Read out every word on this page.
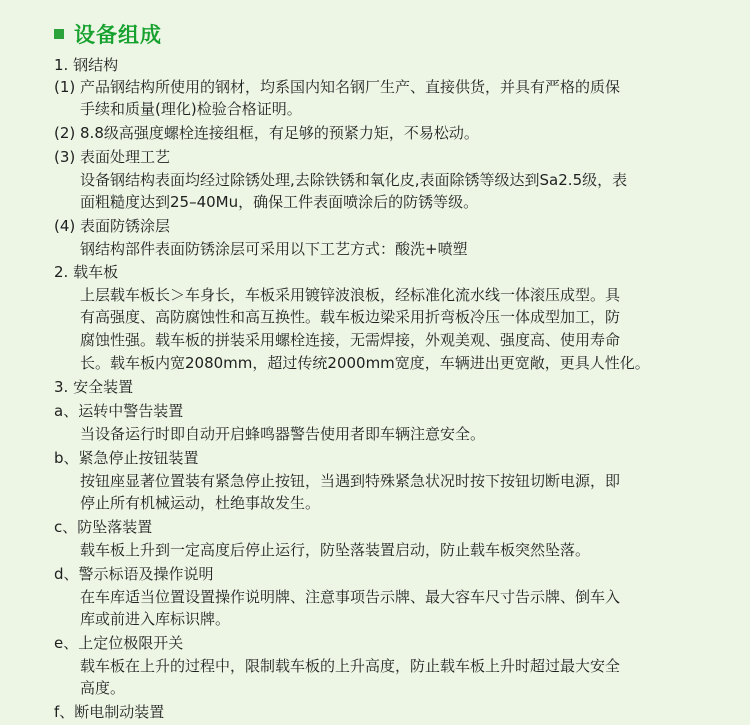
设备组成
1. 钢结构
(1) 产品钢结构所使用的钢材，均系国内知名钢厂生产、直接供货，并具有严格的质保
手续和质量(理化)检验合格证明。
(2) 8.8级高强度螺栓连接组框，有足够的预紧力矩，不易松动。
(3) 表面处理工艺
设备钢结构表面均经过除锈处理,去除铁锈和氧化皮,表面除锈等级达到Sa2.5级，表
面粗糙度达到25–40Mu，确保工件表面喷涂后的防锈等级。
(4) 表面防锈涂层
钢结构部件表面防锈涂层可采用以下工艺方式：酸洗+喷塑
2. 载车板
上层载车板长＞车身长，车板采用镀锌波浪板，经标准化流水线一体滚压成型。具
有高强度、高防腐蚀性和高互换性。载车板边梁采用折弯板冷压一体成型加工，防
腐蚀性强。载车板的拼装采用螺栓连接，无需焊接，外观美观、强度高、使用寿命
长。载车板内宽2080mm，超过传统2000mm宽度，车辆进出更宽敞，更具人性化。
3. 安全装置
a、运转中警告装置
当设备运行时即自动开启蜂鸣器警告使用者即车辆注意安全。
b、紧急停止按钮装置
按钮座显著位置装有紧急停止按钮，当遇到特殊紧急状况时按下按钮切断电源，即
停止所有机械运动，杜绝事故发生。
c、防坠落装置
载车板上升到一定高度后停止运行，防坠落装置启动，防止载车板突然坠落。
d、警示标语及操作说明
在车库适当位置设置操作说明牌、注意事项告示牌、最大容车尺寸告示牌、倒车入
库或前进入库标识牌。
e、上定位极限开关
载车板在上升的过程中，限制载车板的上升高度，防止载车板上升时超过最大安全
高度。
f、断电制动装置
